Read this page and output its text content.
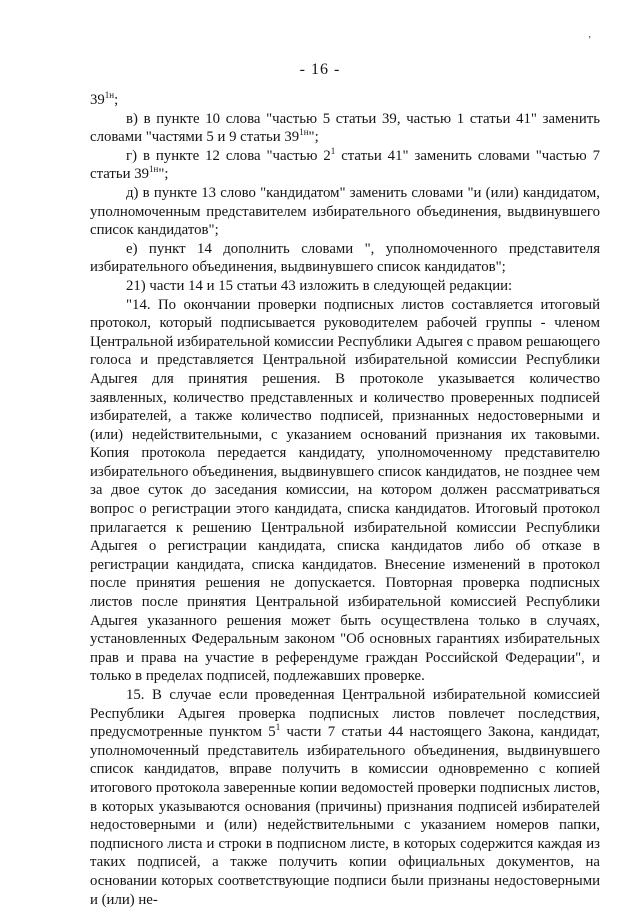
‚
- 16 -

$39^{1н}$;

в) в пункте 10 слова "частью 5 статьи 39, частью 1 статьи 41" заменить словами "частями 5 и 9 статьи $39^{1н}$";

г) в пункте 12 слова "частью $2^1$ статьи 41" заменить словами "частью 7 статьи $39^{1н}$";

д) в пункте 13 слово "кандидатом" заменить словами "и (или) кандидатом, уполномоченным представителем избирательного объединения, выдвинувшего список кандидатов";

е) пункт 14 дополнить словами ", уполномоченного представителя избирательного объединения, выдвинувшего список кандидатов";

21) части 14 и 15 статьи 43 изложить в следующей редакции:

"14. По окончании проверки подписных листов составляется итоговый протокол, который подписывается руководителем рабочей группы - членом Центральной избирательной комиссии Республики Адыгея с правом решающего голоса и представляется Центральной избирательной комиссии Республики Адыгея для принятия решения. В протоколе указывается количество заявленных, количество представленных и количество проверенных подписей избирателей, а также количество подписей, признанных недостоверными и (или) недействительными, с указанием оснований признания их таковыми. Копия протокола передается кандидату, уполномоченному представителю избирательного объединения, выдвинувшего список кандидатов, не позднее чем за двое суток до заседания комиссии, на котором должен рассматриваться вопрос о регистрации этого кандидата, списка кандидатов. Итоговый протокол прилагается к решению Центральной избирательной комиссии Республики Адыгея о регистрации кандидата, списка кандидатов либо об отказе в регистрации кандидата, списка кандидатов. Внесение изменений в протокол после принятия решения не допускается. Повторная проверка подписных листов после принятия Центральной избирательной комиссией Республики Адыгея указанного решения может быть осуществлена только в случаях, установленных Федеральным законом "Об основных гарантиях избирательных прав и права на участие в референдуме граждан Российской Федерации", и только в пределах подписей, подлежавших проверке.

15. В случае если проведенная Центральной избирательной комиссией Республики Адыгея проверка подписных листов повлечет последствия, предусмотренные пунктом $5^1$ части 7 статьи 44 настоящего Закона, кандидат, уполномоченный представитель избирательного объединения, выдвинувшего список кандидатов, вправе получить в комиссии одновременно с копией итогового протокола заверенные копии ведомостей проверки подписных листов, в которых указываются основания (причины) признания подписей избирателей недостоверными и (или) недействительными с указанием номеров папки, подписного листа и строки в подписном листе, в которых содержится каждая из таких подписей, а также получить копии официальных документов, на основании которых соответствующие подписи были признаны недостоверными и (или) не-
